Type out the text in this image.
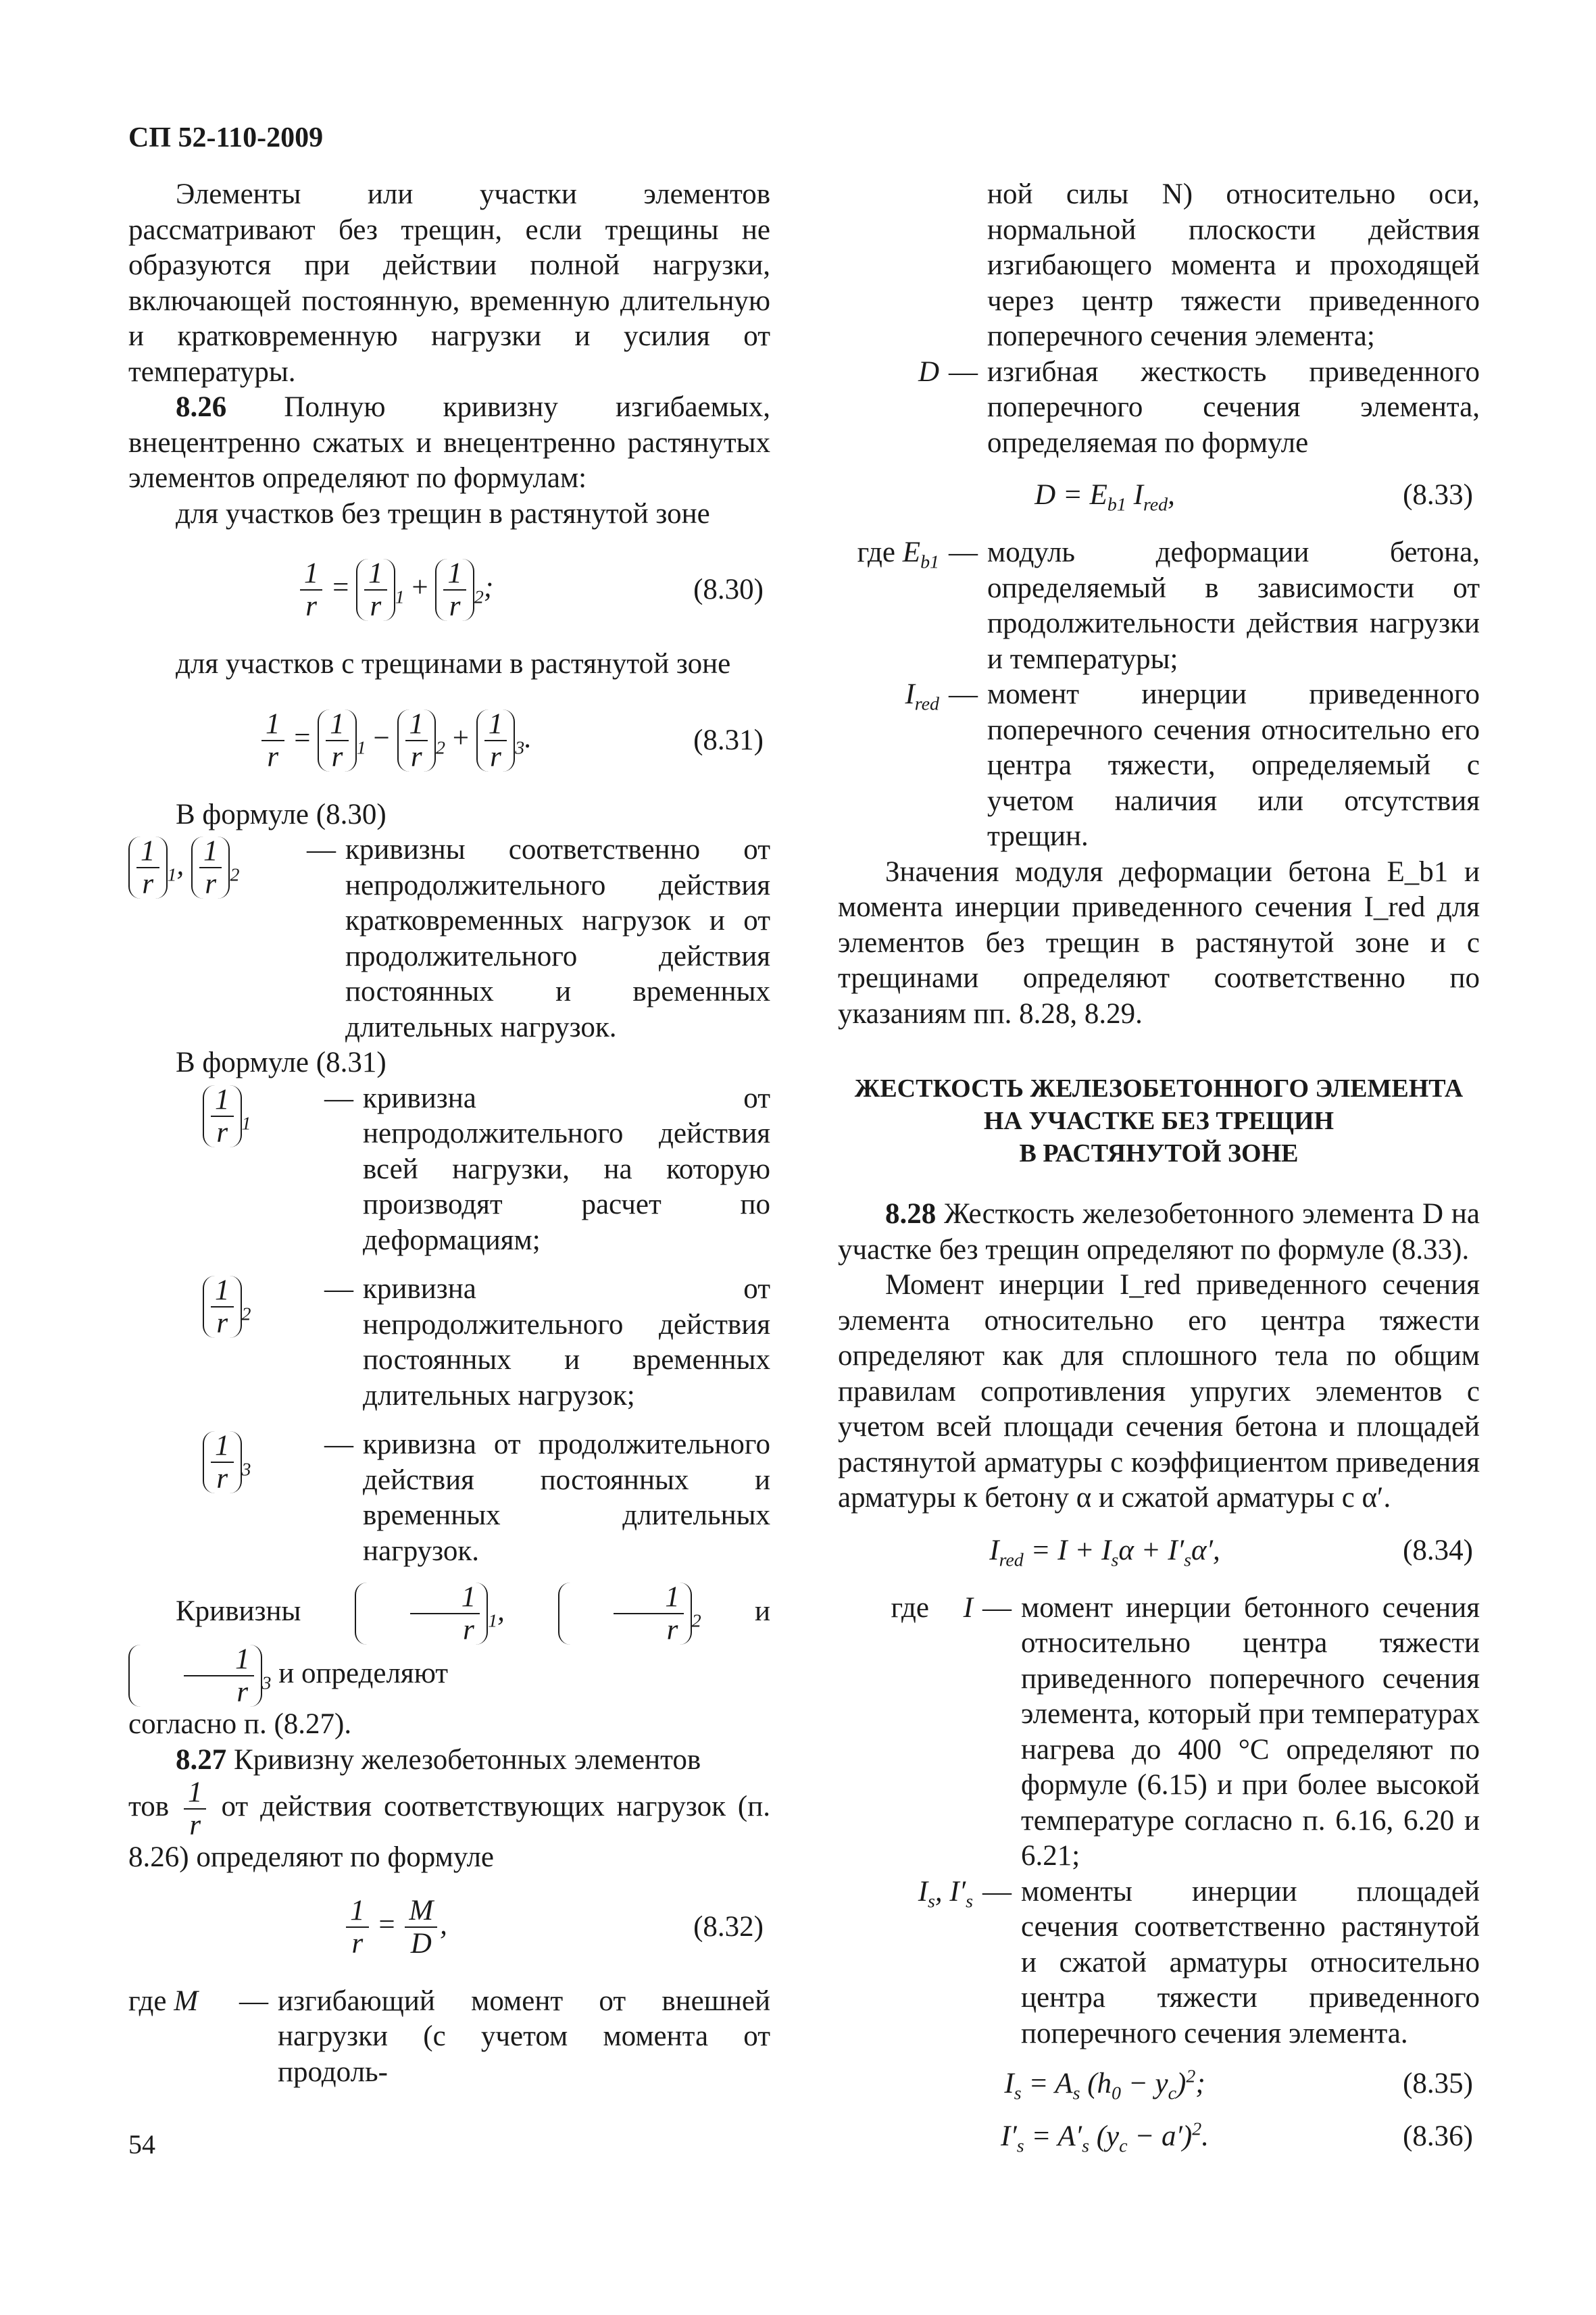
СП 52-110-2009

Элементы или участки элементов рассматривают без трещин, если трещины не образуются при действии полной нагрузки, включающей постоянную, временную длительную и кратковременную нагрузки и усилия от температуры.

8.26 Полную кривизну изгибаемых, внецентренно сжатых и внецентренно растянутых элементов определяют по формулам:

для участков без трещин в растянутой зоне

$\frac{1}{r} = \frac{1}{r} _1 + \frac{1}{r} _2$;	(8.30)

для участков с трещинами в растянутой зоне

$\frac{1}{r} = \frac{1}{r} _1 - \frac{1}{r} _2 + \frac{1}{r} _3$.	(8.31)

В формуле (8.30)

$\frac{1}{r} _1$, $\frac{1}{r} _2$
— кривизны соответственно от непродолжительного действия кратковременных нагрузок и от продолжительного действия постоянных и временных длительных нагрузок.

В формуле (8.31)

$\frac{1}{r} _1$
— кривизна от непродолжительного действия всей нагрузки, на которую производят расчет по деформациям;
$\frac{1}{r} _2$
— кривизна от непродолжительного действия постоянных и временных длительных нагрузок;
$\frac{1}{r} _3$
— кривизна от продолжительного действия постоянных и временных длительных нагрузок.

Кривизны	$\frac{1}{r} _1$, $\frac{1}{r} _2$ и
$\frac{1}{r} _3$ и определяют

согласно п. (8.27).

8.27 Кривизну железобетонных элементов

тов $\frac{1}{r}$ от действия соответствующих нагрузок (п. 8.26) определяют по формуле

$\frac{1}{r} = \frac{M}{D}$ ,	(8.32)
где M	— изгибающий момент от внешней нагрузки (с учетом момента от продоль-
ной силы N) относительно оси, нормальной плоскости действия изгибающего момента и проходящей через центр тяжести приведенного поперечного сечения элемента;
D — изгибная жесткость приведенного поперечного сечения элемента, определяемая по формуле
$D = E_{b1}$ $I_{red}$,	(8.33)
где $E_{b1}$ — модуль деформации бетона, определяемый в зависимости от продолжительности действия нагрузки и температуры;
$I_{red}$ — момент инерции приведенного поперечного сечения относительно его центра тяжести, определяемый с учетом наличия или отсутствия трещин.

Значения модуля деформации бетона E_b1 и момента инерции приведенного сечения I_red для элементов без трещин в растянутой зоне и с трещинами определяют соответственно по указаниям пп. 8.28, 8.29.

ЖЕСТКОСТЬ ЖЕЛЕЗОБЕТОННОГО ЭЛЕМЕНТА
НА УЧАСТКЕ БЕЗ ТРЕЩИН
В РАСТЯНУТОЙ ЗОНЕ

8.28 Жесткость железобетонного элемента D на участке без трещин определяют по формуле (8.33).

Момент инерции I_red приведенного сечения элемента относительно его центра тяжести определяют как для сплошного тела по общим правилам сопротивления упругих элементов с учетом всей площади сечения бетона и площадей растянутой арматуры с коэффициентом приведения арматуры к бетону α и сжатой арматуры с α′.

$I_{red} = I + I_s\alpha + I'_s\alpha'$,	(8.34)
где I — момент инерции бетонного сечения относительно центра тяжести приведенного поперечного сечения элемента, который при температурах нагрева до 400 °С определяют по формуле (6.15) и при более высокой температуре согласно п. 6.16, 6.20 и 6.21;
$I_s$, $I'_s$ — моменты инерции площадей сечения соответственно растянутой и сжатой арматуры относительно центра тяжести приведенного поперечного сечения элемента.
$I_s = A_s$ $(h_0 - y_c)^2$;	(8.35)
$I'_s = A'_s$ $(y_c - a')^2$.	(8.36)
54
